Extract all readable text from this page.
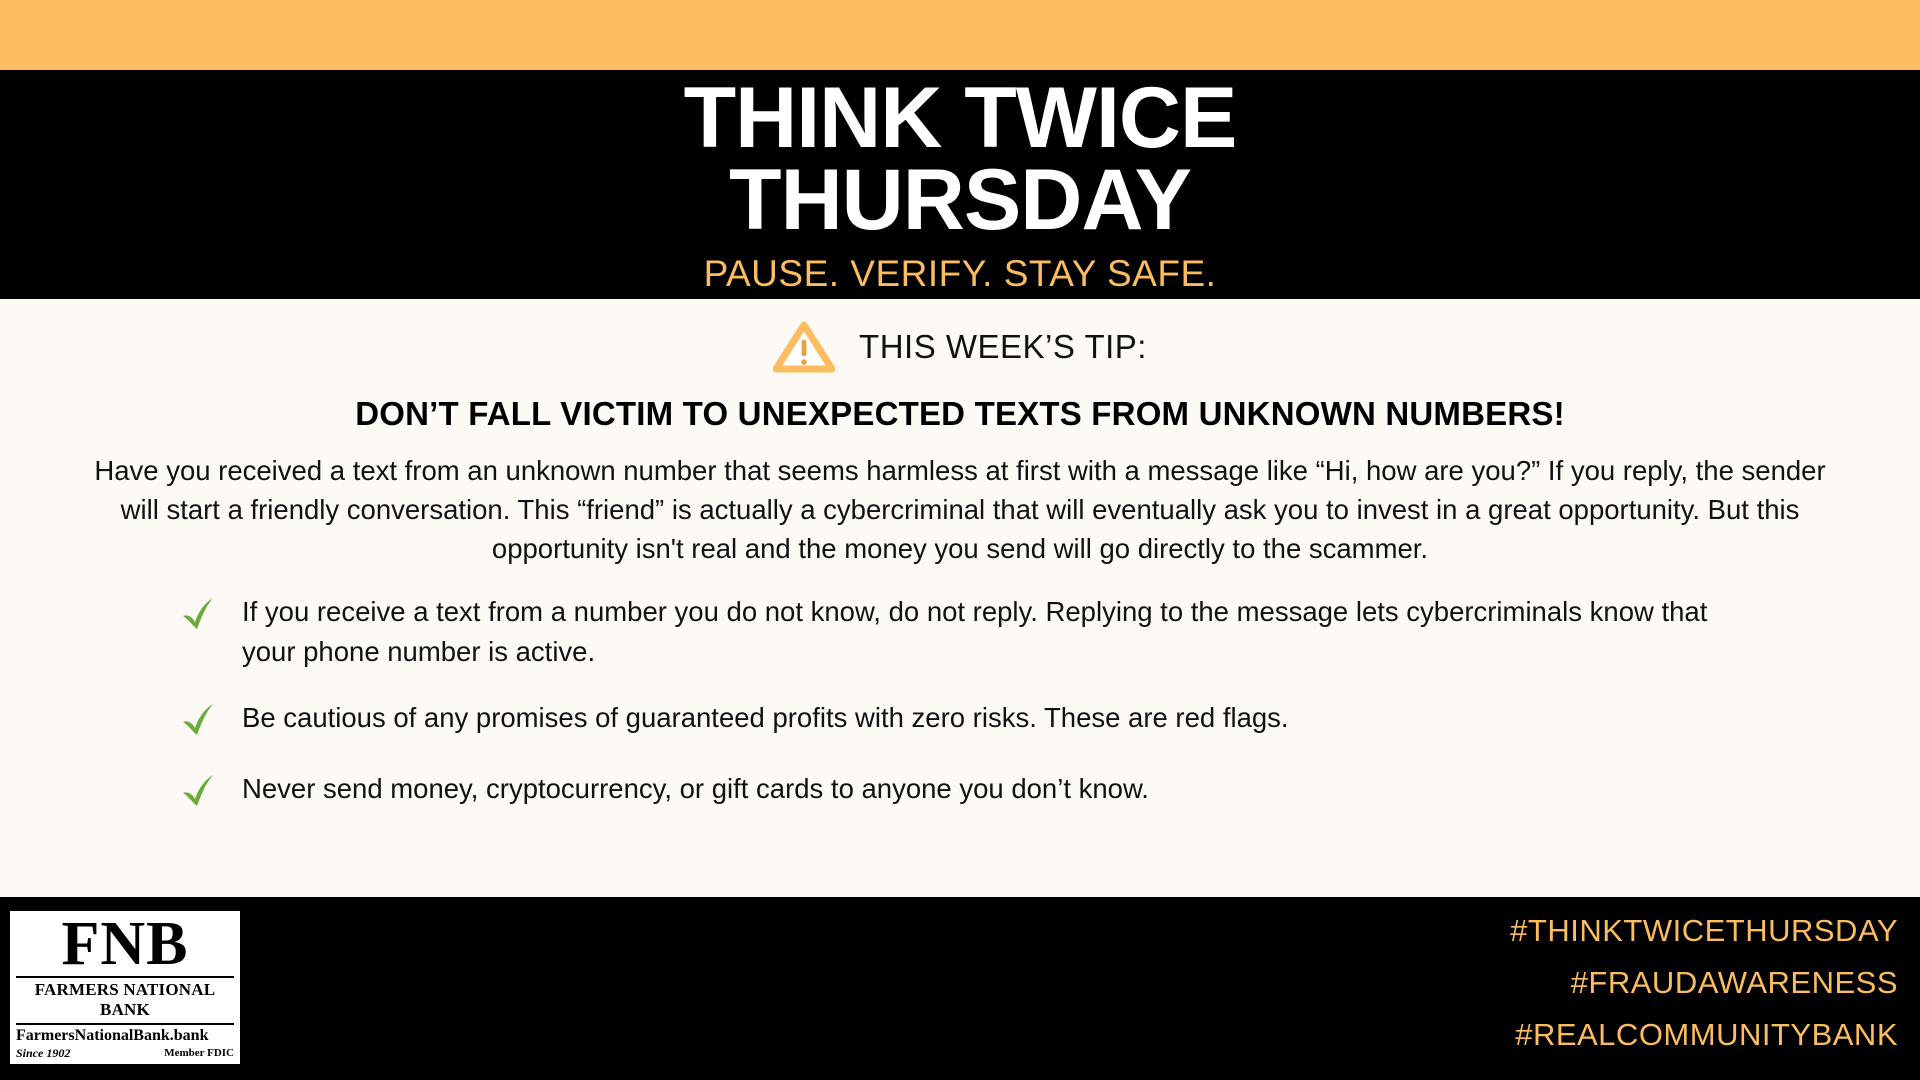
THINK TWICE
THURSDAY
PAUSE. VERIFY. STAY SAFE.
THIS WEEK’S TIP:
DON’T FALL VICTIM TO UNEXPECTED TEXTS FROM UNKNOWN NUMBERS!
Have you received a text from an unknown number that seems harmless at first with a message like “Hi, how are you?” If you reply, the sender will start a friendly conversation. This “friend” is actually a cybercriminal that will eventually ask you to invest in a great opportunity. But this opportunity isn't real and the money you send will go directly to the scammer.
If you receive a text from a number you do not know, do not reply. Replying to the message lets cybercriminals know that your phone number is active.
Be cautious of any promises of guaranteed profits with zero risks. These are red flags.
Never send money, cryptocurrency, or gift cards to anyone you don’t know.
FNB
FARMERS NATIONAL BANK
FarmersNationalBank.bank
Since 1902	Member FDIC
#THINKTWICETHURSDAY
#FRAUDAWARENESS
#REALCOMMUNITYBANK
